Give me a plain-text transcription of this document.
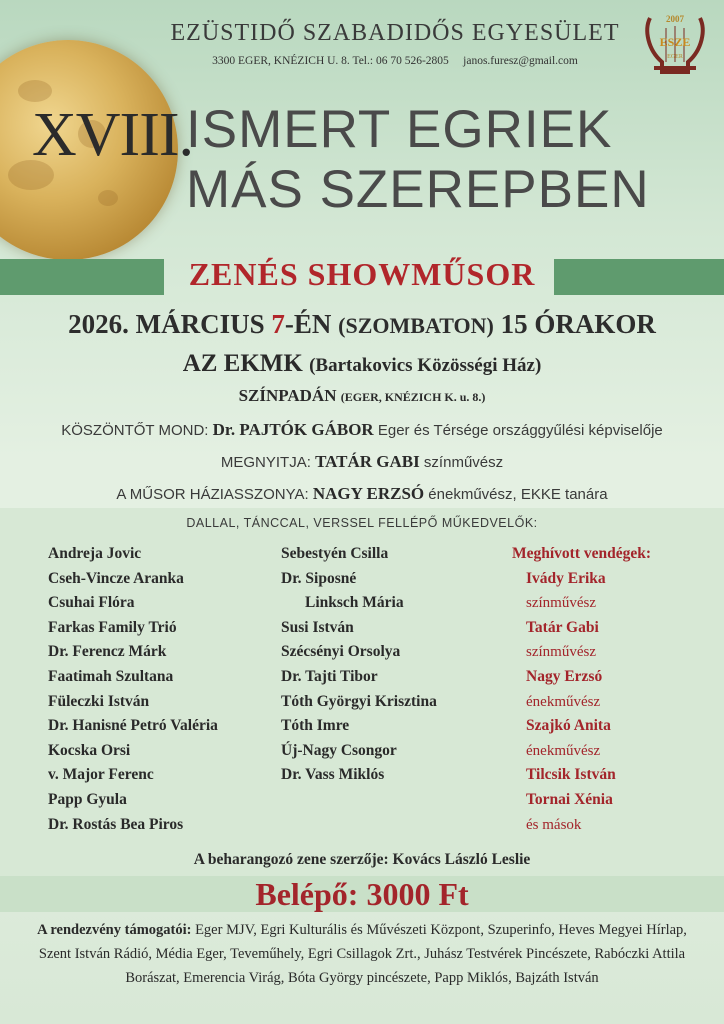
EZÜSTIDŐ SZABADIDŐS EGYESÜLET
3300 EGER, KNÉZICH U. 8. Tel.: 06 70 526-2805 janos.furesz@gmail.com
2007
ESZE
EGER
XVIII.
ISMERT EGRIEK
MÁS SZEREPBEN
ZENÉS SHOWMŰSOR
2026. MÁRCIUS 7-ÉN (SZOMBATON) 15 ÓRAKOR
AZ EKMK (Bartakovics Közösségi Ház)
SZÍNPADÁN (EGER, KNÉZICH K. u. 8.)
KÖSZÖNTŐT MOND: Dr. PAJTÓK GÁBOR Eger és Térsége országgyűlési képviselője
MEGNYITJA: TATÁR GABI színművész
A MŰSOR HÁZIASSZONYA: NAGY ERZSÓ énekművész, EKKE tanára
DALLAL, TÁNCCAL, VERSSEL FELLÉPŐ MŰKEDVELŐK:
Andreja Jovic
Cseh-Vincze Aranka
Csuhai Flóra
Farkas Family Trió
Dr. Ferencz Márk
Faatimah Szultana
Füleczki István
Dr. Hanisné Petró Valéria
Kocska Orsi
v. Major Ferenc
Papp Gyula
Dr. Rostás Bea Piros
Sebestyén Csilla
Dr. Siposné
Linksch Mária
Susi István
Szécsényi Orsolya
Dr. Tajti Tibor
Tóth Györgyi Krisztina
Tóth Imre
Új-Nagy Csongor
Dr. Vass Miklós
Meghívott vendégek:
Ivády Erika
színművész
Tatár Gabi
színművész
Nagy Erzsó
énekművész
Szajkó Anita
énekművész
Tilcsik István
Tornai Xénia
és mások
A beharangozó zene szerzője: Kovács László Leslie
Belépő: 3000 Ft
A rendezvény támogatói: Eger MJV, Egri Kulturális és Művészeti Központ, Szuperinfo, Heves Megyei Hírlap, Szent István Rádió, Média Eger, Teveműhely, Egri Csillagok Zrt., Juhász Testvérek Pincészete, Rabóczki Attila Borászat, Emerencia Virág, Bóta György pincészete, Papp Miklós, Bajzáth István
